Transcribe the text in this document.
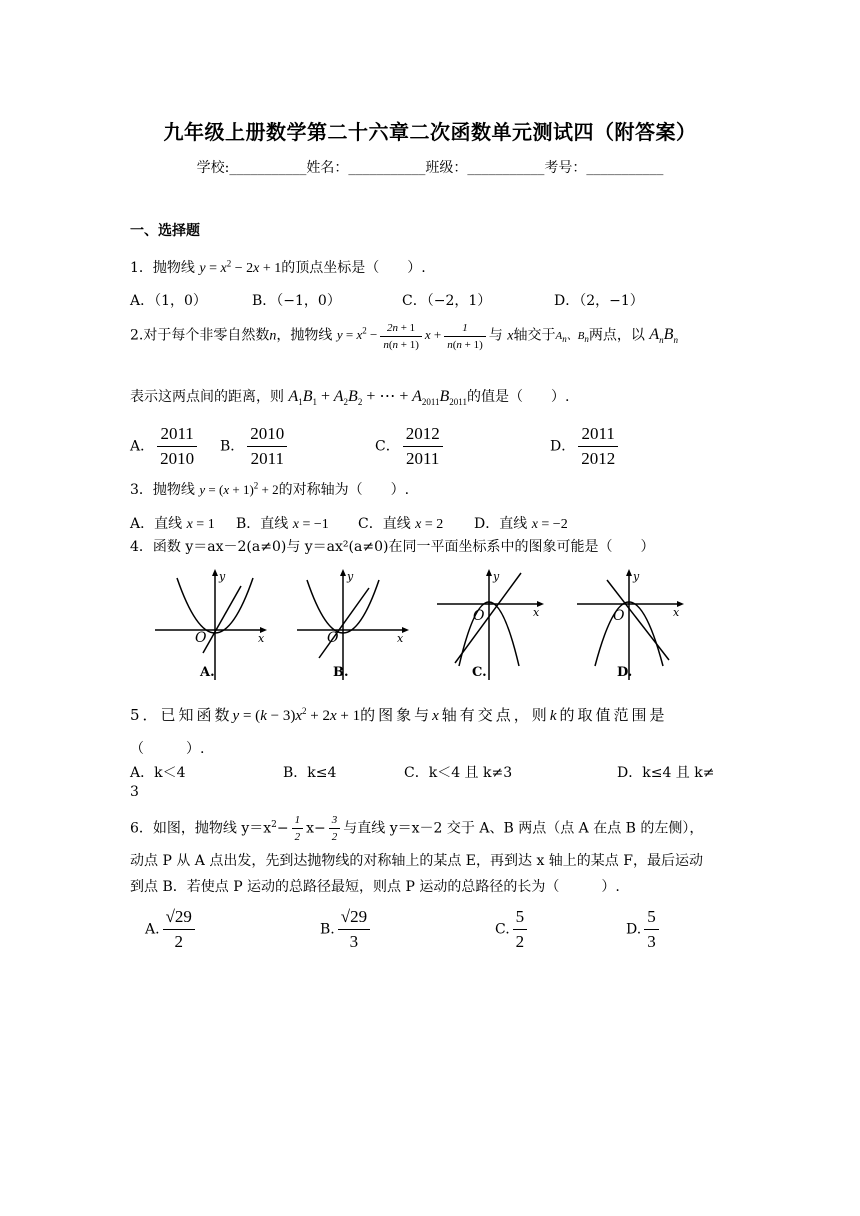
九年级上册数学第二十六章二次函数单元测试四（附答案）
学校:___________姓名：___________班级：___________考号：___________
一、选择题
1．抛物线 $y = x^2 - 2x + 1$的顶点坐标是（　　）.
A．（1，0）	B．（−1，0）	C．（−2，1）	D．（2，−1）
2.对于每个非零自然数n，抛物线 $y = x^2 - \frac{2n + 1}{n(n + 1)}$ $x + \frac{1}{n(n + 1)}$ 与 x轴交于$A_n$、$B_n$两点，以 $A_nB_n$
表示这两点间的距离，则 $A_1B_1 + A_2B_2$ + ⋯ + $A_{2011}B_{2011}$的值是（　　）.
A． $\frac{2011}{2010}$ B． $\frac{2010}{2011}$	C． $\frac{2012}{2011}$	D． $\frac{2011}{2012}$
3．抛物线 $y = (x + 1)^2 + 2$的对称轴为（　　）.
A．直线 x = 1 B．直线 x = −1 C．直线 x = 2 D．直线 x = −2
4．函数 y＝ax－2(a≠0)与 y＝ax²(a≠0)在同一平面坐标系中的图象可能是（　　）
y
x
O
A.
y
x
O
B.
y
x
O
C.
y
x
O
D.
5．已知函数$y = (k - 3)x^2 + 2x + 1$的图象与x轴有交点，则k的取值范围是
（　　　）.
A．k＜4	B．k≤4	C．k＜4 且 k≠3	D．k≤4 且 k≠
3
6．如图，抛物线 $y=x^2- \frac{1}{2} x- \frac{3}{2}$ 与直线 y＝x－2 交于 A、B 两点（点 A 在点 B 的左侧），
动点 P 从 A 点出发，先到达抛物线的对称轴上的某点 E，再到达 x 轴上的某点 F，最后运动
到点 B．若使点 P 运动的总路径最短，则点 P 运动的总路径的长为（　　　）.
A. $\frac{√29}{2}$	B. $\frac{√29}{3}$	C. $\frac{5}{2}$	D. $\frac{5}{3}$
